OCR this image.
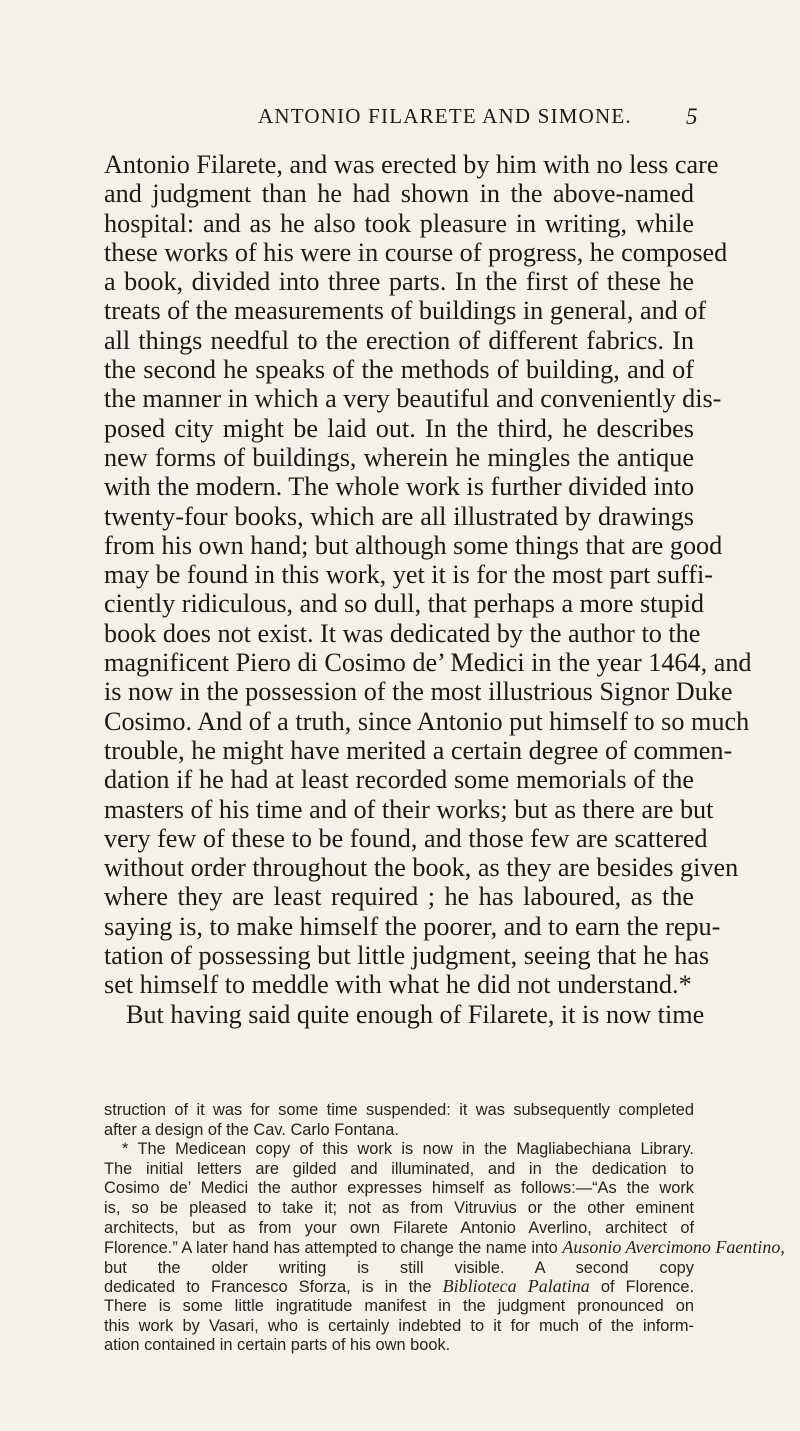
ANTONIO FILARETE AND SIMONE. 5
Antonio Filarete, and was erected by him with no less care
and judgment than he had shown in the above-named
hospital: and as he also took pleasure in writing, while
these works of his were in course of progress, he composed
a book, divided into three parts. In the first of these he
treats of the measurements of buildings in general, and of
all things needful to the erection of different fabrics. In
the second he speaks of the methods of building, and of
the manner in which a very beautiful and conveniently dis-
posed city might be laid out. In the third, he describes
new forms of buildings, wherein he mingles the antique
with the modern. The whole work is further divided into
twenty-four books, which are all illustrated by drawings
from his own hand; but although some things that are good
may be found in this work, yet it is for the most part suffi-
ciently ridiculous, and so dull, that perhaps a more stupid
book does not exist. It was dedicated by the author to the
magnificent Piero di Cosimo de’ Medici in the year 1464, and
is now in the possession of the most illustrious Signor Duke
Cosimo. And of a truth, since Antonio put himself to so much
trouble, he might have merited a certain degree of commen-
dation if he had at least recorded some memorials of the
masters of his time and of their works; but as there are but
very few of these to be found, and those few are scattered
without order throughout the book, as they are besides given
where they are least required ; he has laboured, as the
saying is, to make himself the poorer, and to earn the repu-
tation of possessing but little judgment, seeing that he has
set himself to meddle with what he did not understand.*
But having said quite enough of Filarete, it is now time
struction of it was for some time suspended: it was subsequently completed
after a design of the Cav. Carlo Fontana.
* The Medicean copy of this work is now in the Magliabechiana Library.
The initial letters are gilded and illuminated, and in the dedication to
Cosimo de’ Medici the author expresses himself as follows:—“As the work
is, so be pleased to take it; not as from Vitruvius or the other eminent
architects, but as from your own Filarete Antonio Averlino, architect of
Florence.” A later hand has attempted to change the name into Ausonio Avercimono Faentino,
but the older writing is still visible. A second copy
dedicated to Francesco Sforza, is in the Biblioteca Palatina of Florence.
There is some little ingratitude manifest in the judgment pronounced on
this work by Vasari, who is certainly indebted to it for much of the inform-
ation contained in certain parts of his own book.
